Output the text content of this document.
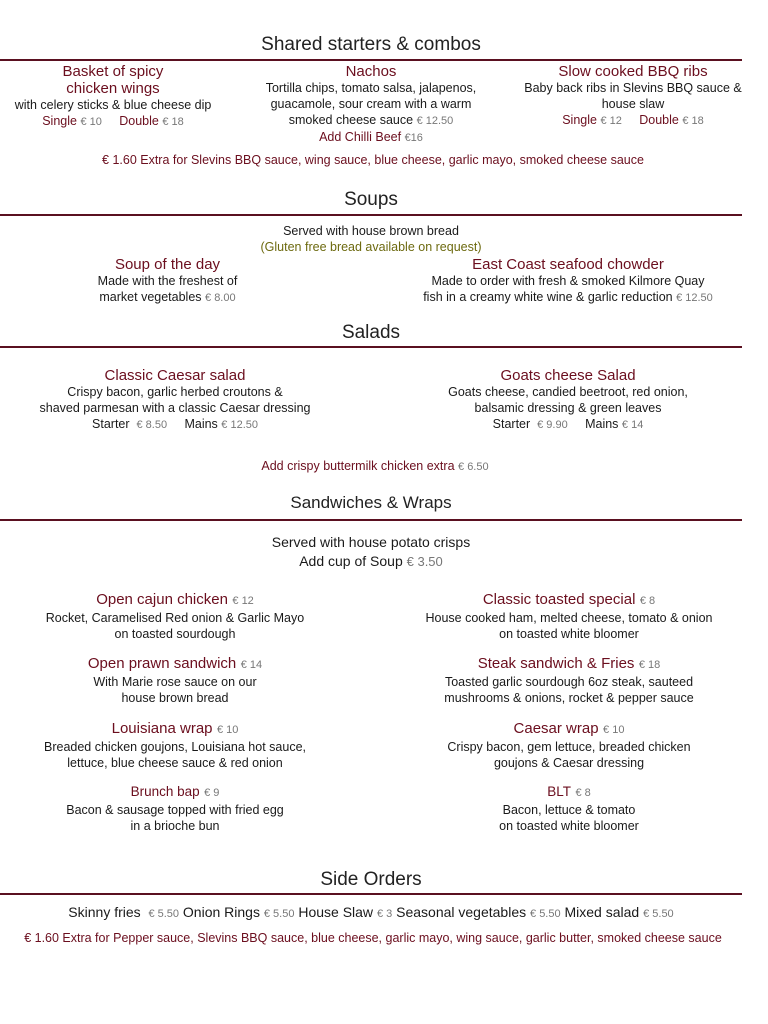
Shared starters & combos
Basket of spicy
chicken wings
with celery sticks & blue cheese dip
Single € 10 Double € 18
Nachos
Tortilla chips, tomato salsa, jalapenos,
guacamole, sour cream with a warm
smoked cheese sauce € 12.50
Add Chilli Beef €16
Slow cooked BBQ ribs
Baby back ribs in Slevins BBQ sauce &
house slaw
Single € 12 Double € 18
€ 1.60 Extra for Slevins BBQ sauce, wing sauce, blue cheese, garlic mayo, smoked cheese sauce
Soups
Served with house brown bread
(Gluten free bread available on request)
Soup of the day
Made with the freshest of
market vegetables € 8.00
East Coast seafood chowder
Made to order with fresh & smoked Kilmore Quay
fish in a creamy white wine & garlic reduction € 12.50
Salads
Classic Caesar salad
Crispy bacon, garlic herbed croutons &
shaved parmesan with a classic Caesar dressing
Starter € 8.50 Mains € 12.50
Goats cheese Salad
Goats cheese, candied beetroot, red onion,
balsamic dressing & green leaves
Starter € 9.90 Mains € 14
Add crispy buttermilk chicken extra € 6.50
Sandwiches & Wraps
Served with house potato crisps
Add cup of Soup € 3.50
Open cajun chicken € 12
Rocket, Caramelised Red onion & Garlic Mayo
on toasted sourdough
Open prawn sandwich € 14
With Marie rose sauce on our
house brown bread
Louisiana wrap € 10
Breaded chicken goujons, Louisiana hot sauce,
lettuce, blue cheese sauce & red onion
Brunch bap € 9
Bacon & sausage topped with fried egg
in a brioche bun
Classic toasted special € 8
House cooked ham, melted cheese, tomato & onion
on toasted white bloomer
Steak sandwich & Fries € 18
Toasted garlic sourdough 6oz steak, sauteed
mushrooms & onions, rocket & pepper sauce
Caesar wrap € 10
Crispy bacon, gem lettuce, breaded chicken
goujons & Caesar dressing
BLT € 8
Bacon, lettuce & tomato
on toasted white bloomer
Side Orders
Skinny fries € 5.50 Onion Rings € 5.50 House Slaw € 3 Seasonal vegetables € 5.50 Mixed salad € 5.50
€ 1.60 Extra for Pepper sauce, Slevins BBQ sauce, blue cheese, garlic mayo, wing sauce, garlic butter, smoked cheese sauce
